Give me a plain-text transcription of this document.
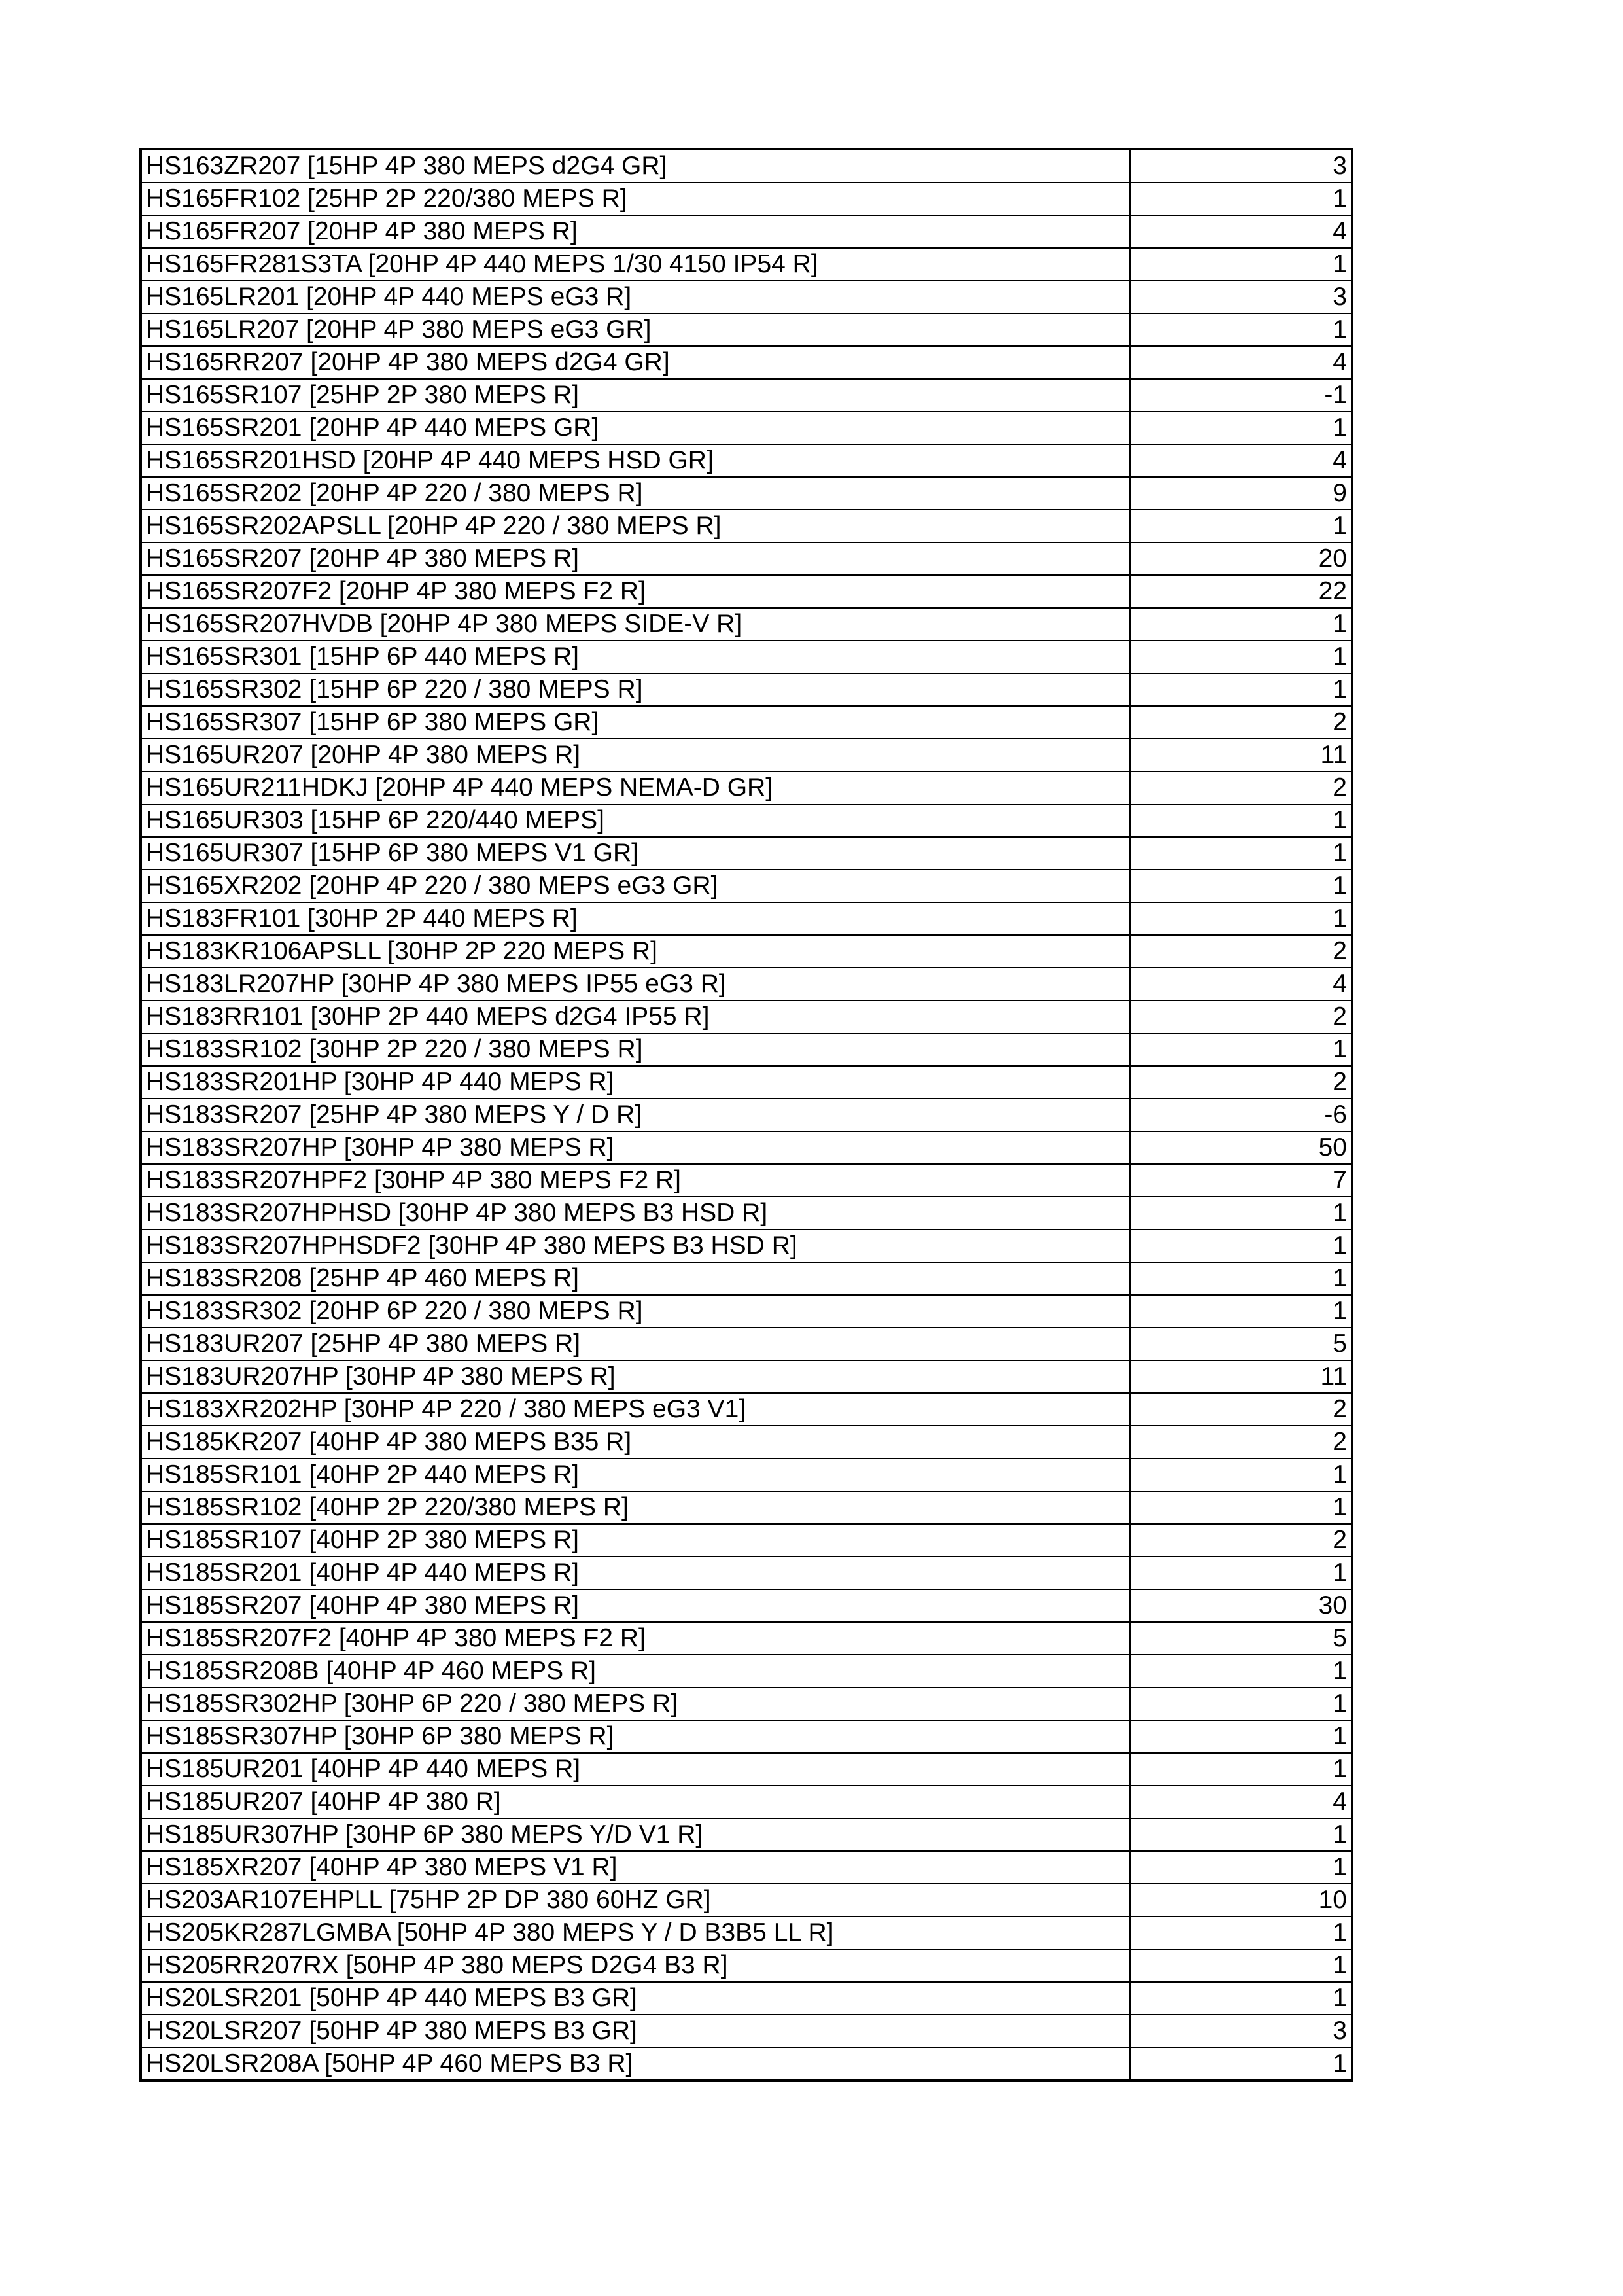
HS163ZR207 [15HP 4P 380 MEPS d2G4 GR]	3
HS165FR102 [25HP 2P 220/380 MEPS R]	1
HS165FR207 [20HP 4P 380 MEPS R]	4
HS165FR281S3TA [20HP 4P 440 MEPS 1/30 4150 IP54 R]	1
HS165LR201 [20HP 4P 440 MEPS eG3 R]	3
HS165LR207 [20HP 4P 380 MEPS eG3 GR]	1
HS165RR207 [20HP 4P 380 MEPS d2G4 GR]	4
HS165SR107 [25HP 2P 380 MEPS R]	-1
HS165SR201 [20HP 4P 440 MEPS GR]	1
HS165SR201HSD [20HP 4P 440 MEPS HSD GR]	4
HS165SR202 [20HP 4P 220 / 380 MEPS R]	9
HS165SR202APSLL [20HP 4P 220 / 380 MEPS R]	1
HS165SR207 [20HP 4P 380 MEPS R]	20
HS165SR207F2 [20HP 4P 380 MEPS F2 R]	22
HS165SR207HVDB [20HP 4P 380 MEPS SIDE-V R]	1
HS165SR301 [15HP 6P 440 MEPS R]	1
HS165SR302 [15HP 6P 220 / 380 MEPS R]	1
HS165SR307 [15HP 6P 380 MEPS GR]	2
HS165UR207 [20HP 4P 380 MEPS R]	11
HS165UR211HDKJ [20HP 4P 440 MEPS NEMA-D GR]	2
HS165UR303 [15HP 6P 220/440 MEPS]	1
HS165UR307 [15HP 6P 380 MEPS V1 GR]	1
HS165XR202 [20HP 4P 220 / 380 MEPS eG3 GR]	1
HS183FR101 [30HP 2P 440 MEPS R]	1
HS183KR106APSLL [30HP 2P 220 MEPS R]	2
HS183LR207HP [30HP 4P 380 MEPS IP55 eG3 R]	4
HS183RR101 [30HP 2P 440 MEPS d2G4 IP55 R]	2
HS183SR102 [30HP 2P 220 / 380 MEPS R]	1
HS183SR201HP [30HP 4P 440 MEPS R]	2
HS183SR207 [25HP 4P 380 MEPS Y / D R]	-6
HS183SR207HP [30HP 4P 380 MEPS R]	50
HS183SR207HPF2 [30HP 4P 380 MEPS F2 R]	7
HS183SR207HPHSD [30HP 4P 380 MEPS B3 HSD R]	1
HS183SR207HPHSDF2 [30HP 4P 380 MEPS B3 HSD R]	1
HS183SR208 [25HP 4P 460 MEPS R]	1
HS183SR302 [20HP 6P 220 / 380 MEPS R]	1
HS183UR207 [25HP 4P 380 MEPS R]	5
HS183UR207HP [30HP 4P 380 MEPS R]	11
HS183XR202HP [30HP 4P 220 / 380 MEPS eG3 V1]	2
HS185KR207 [40HP 4P 380 MEPS B35 R]	2
HS185SR101 [40HP 2P 440 MEPS R]	1
HS185SR102 [40HP 2P 220/380 MEPS R]	1
HS185SR107 [40HP 2P 380 MEPS R]	2
HS185SR201 [40HP 4P 440 MEPS R]	1
HS185SR207 [40HP 4P 380 MEPS R]	30
HS185SR207F2 [40HP 4P 380 MEPS F2 R]	5
HS185SR208B [40HP 4P 460 MEPS R]	1
HS185SR302HP [30HP 6P 220 / 380 MEPS R]	1
HS185SR307HP [30HP 6P 380 MEPS R]	1
HS185UR201 [40HP 4P 440 MEPS R]	1
HS185UR207 [40HP 4P 380 R]	4
HS185UR307HP [30HP 6P 380 MEPS Y/D V1 R]	1
HS185XR207 [40HP 4P 380 MEPS V1 R]	1
HS203AR107EHPLL [75HP 2P DP 380 60HZ GR]	10
HS205KR287LGMBA [50HP 4P 380 MEPS Y / D B3B5 LL R]	1
HS205RR207RX [50HP 4P 380 MEPS D2G4 B3 R]	1
HS20LSR201 [50HP 4P 440 MEPS B3 GR]	1
HS20LSR207 [50HP 4P 380 MEPS B3 GR]	3
HS20LSR208A [50HP 4P 460 MEPS B3 R]	1
